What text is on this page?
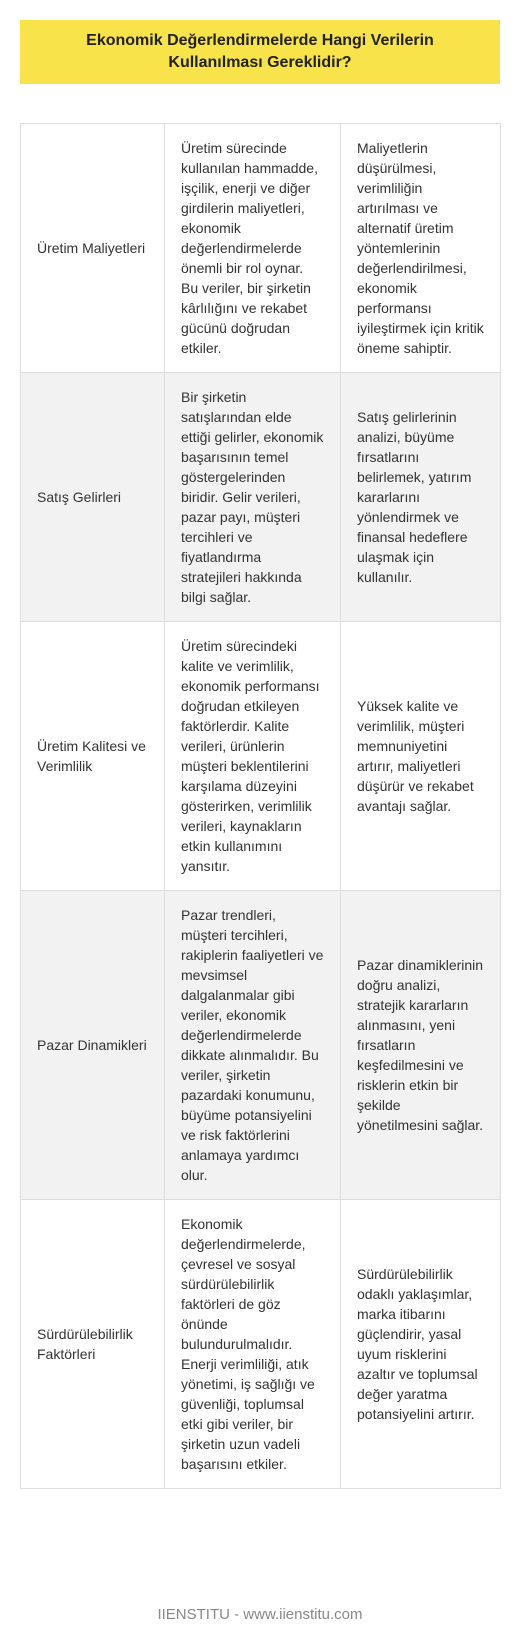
Ekonomik Değerlendirmelerde Hangi Verilerin Kullanılması Gereklidir?
Üretim Maliyetleri	Üretim sürecinde kullanılan hammadde, işçilik, enerji ve diğer girdilerin maliyetleri, ekonomik değerlendirmelerde önemli bir rol oynar. Bu veriler, bir şirketin kârlılığını ve rekabet gücünü doğrudan etkiler.	Maliyetlerin düşürülmesi, verimliliğin artırılması ve alternatif üretim yöntemlerinin değerlendirilmesi, ekonomik performansı iyileştirmek için kritik öneme sahiptir.
Satış Gelirleri	Bir şirketin satışlarından elde ettiği gelirler, ekonomik başarısının temel göstergelerinden biridir. Gelir verileri, pazar payı, müşteri tercihleri ve fiyatlandırma stratejileri hakkında bilgi sağlar.	Satış gelirlerinin analizi, büyüme fırsatlarını belirlemek, yatırım kararlarını yönlendirmek ve finansal hedeflere ulaşmak için kullanılır.
Üretim Kalitesi ve Verimlilik	Üretim sürecindeki kalite ve verimlilik, ekonomik performansı doğrudan etkileyen faktörlerdir. Kalite verileri, ürünlerin müşteri beklentilerini karşılama düzeyini gösterirken, verimlilik verileri, kaynakların etkin kullanımını yansıtır.	Yüksek kalite ve verimlilik, müşteri memnuniyetini artırır, maliyetleri düşürür ve rekabet avantajı sağlar.
Pazar Dinamikleri	Pazar trendleri, müşteri tercihleri, rakiplerin faaliyetleri ve mevsimsel dalgalanmalar gibi veriler, ekonomik değerlendirmelerde dikkate alınmalıdır. Bu veriler, şirketin pazardaki konumunu, büyüme potansiyelini ve risk faktörlerini anlamaya yardımcı olur.	Pazar dinamiklerinin doğru analizi, stratejik kararların alınmasını, yeni fırsatların keşfedilmesini ve risklerin etkin bir şekilde yönetilmesini sağlar.
Sürdürülebilirlik Faktörleri	Ekonomik değerlendirmelerde, çevresel ve sosyal sürdürülebilirlik faktörleri de göz önünde bulundurulmalıdır. Enerji verimliliği, atık yönetimi, iş sağlığı ve güvenliği, toplumsal etki gibi veriler, bir şirketin uzun vadeli başarısını etkiler.	Sürdürülebilirlik odaklı yaklaşımlar, marka itibarını güçlendirir, yasal uyum risklerini azaltır ve toplumsal değer yaratma potansiyelini artırır.
IIENSTITU - www.iienstitu.com
